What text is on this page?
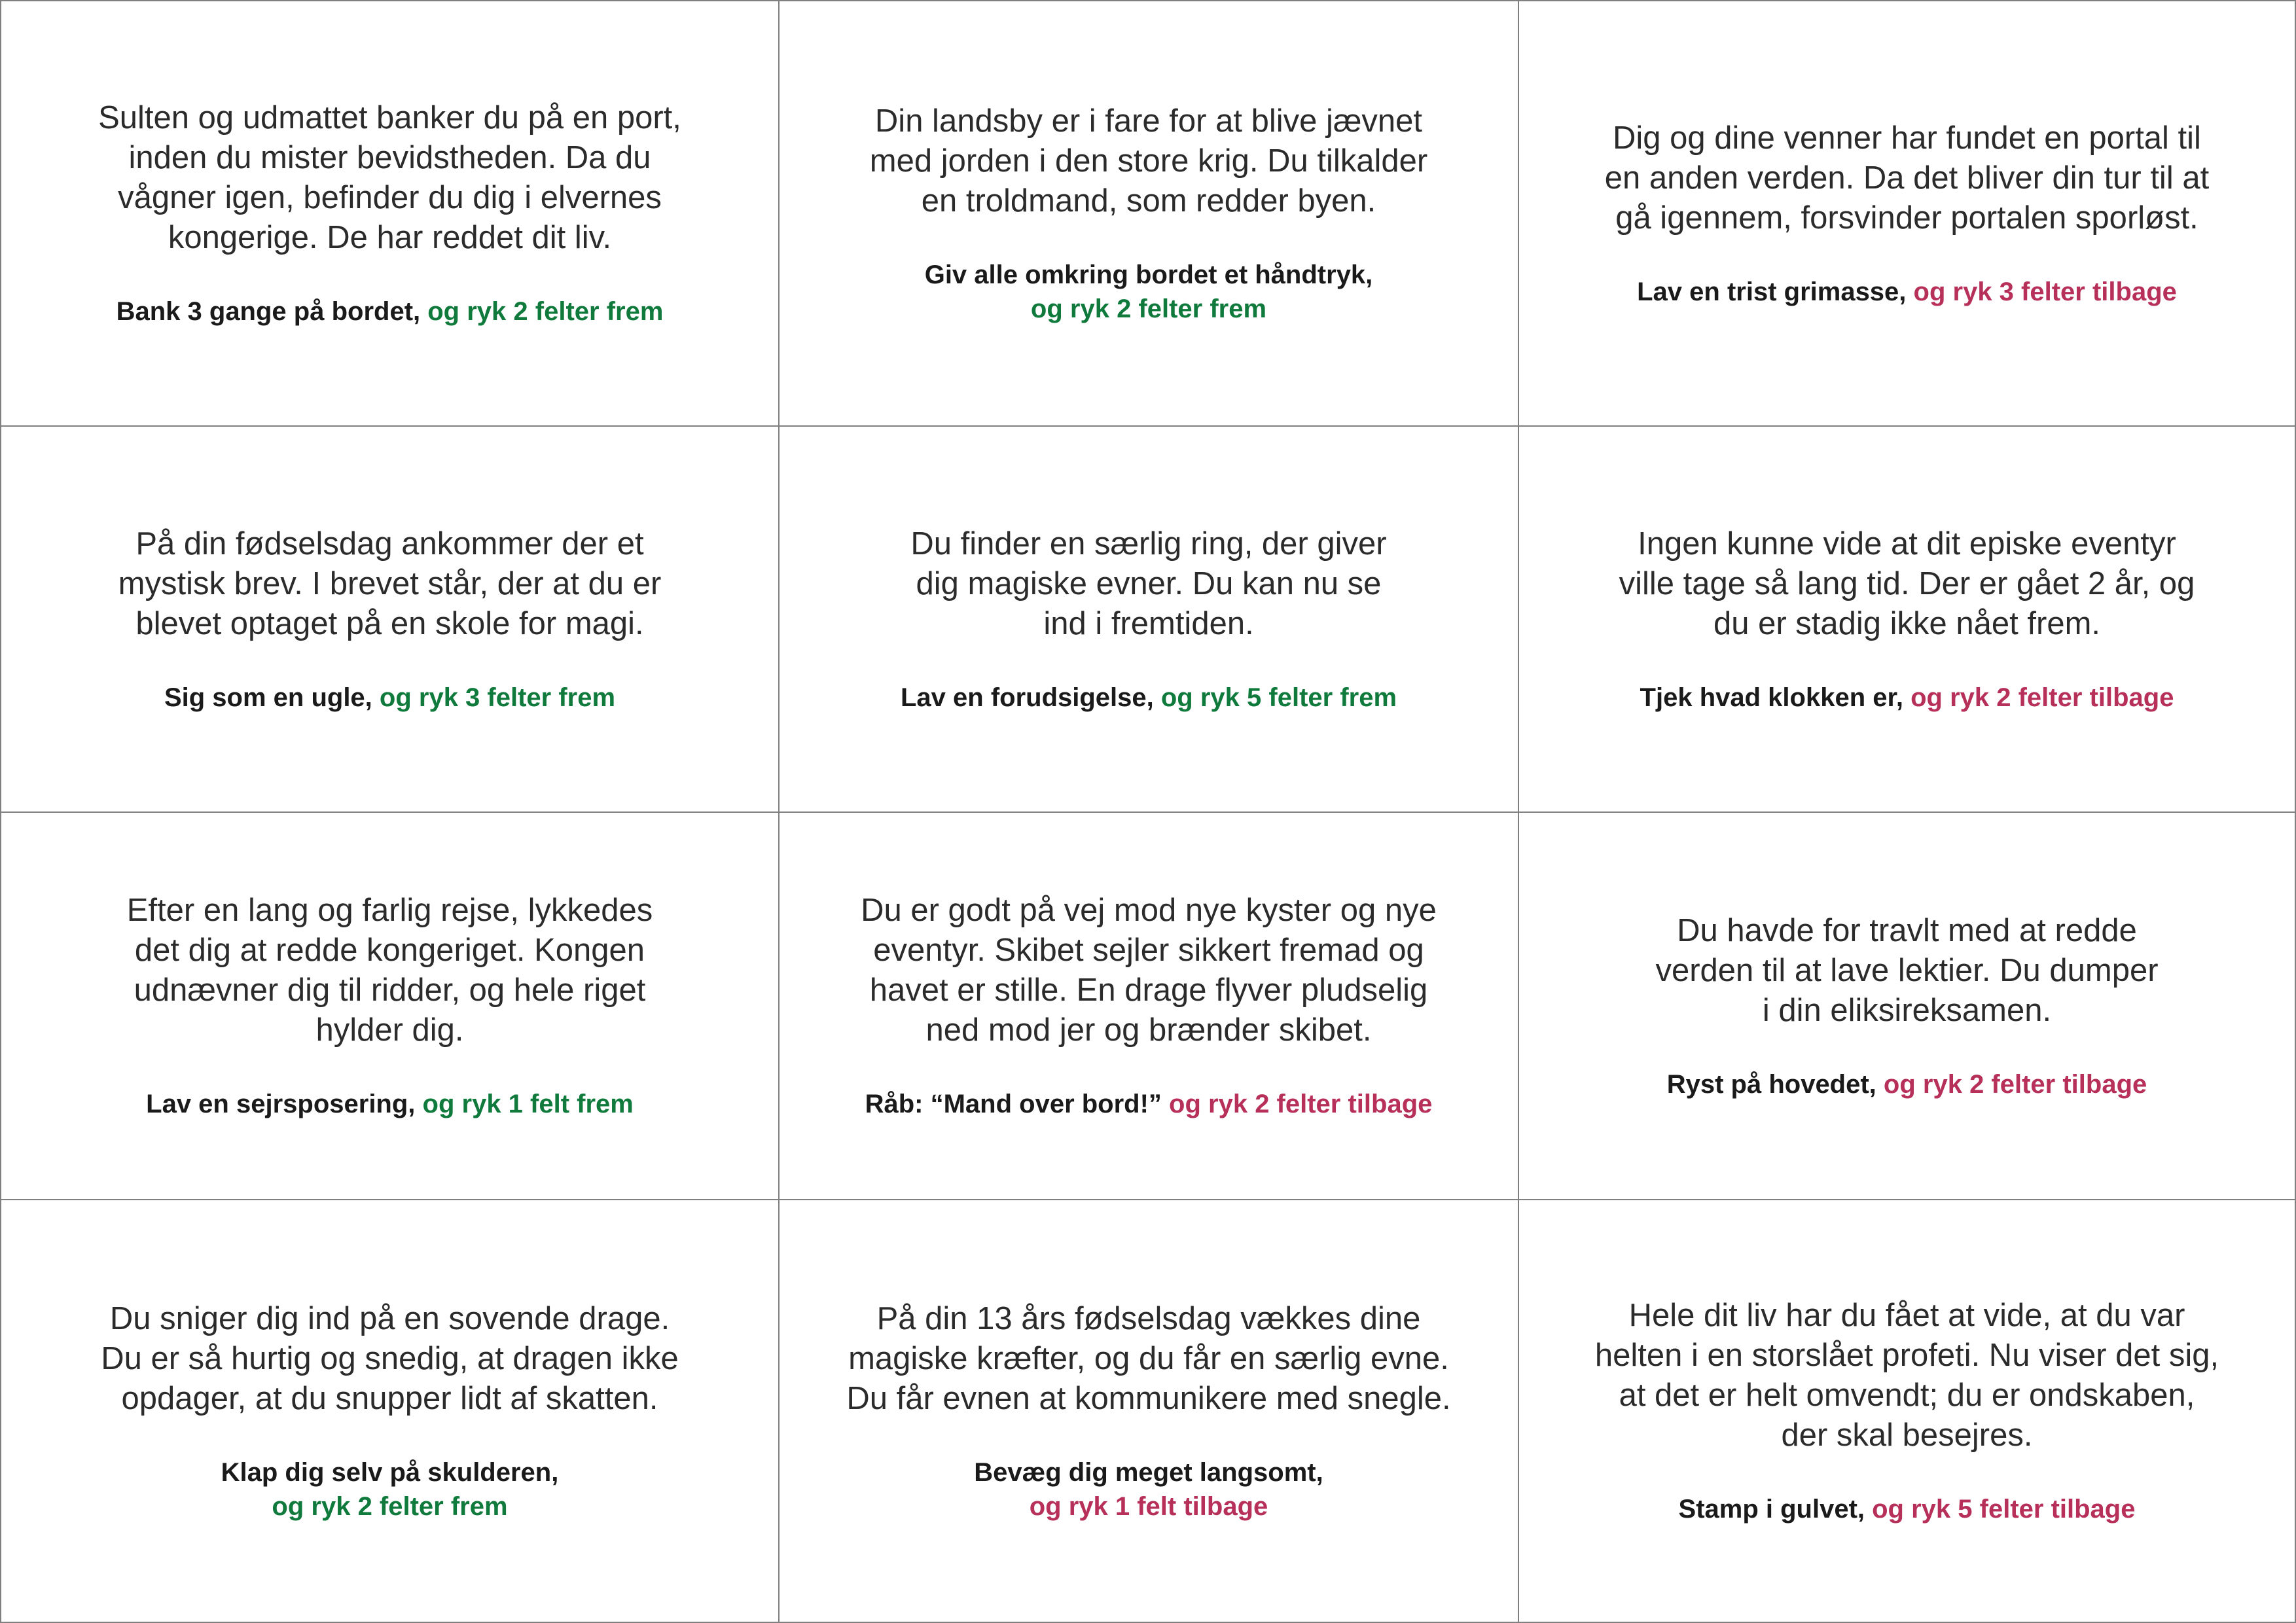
Sulten og udmattet banker du på en port,
inden du mister bevidstheden. Da du
vågner igen, befinder du dig i elvernes
kongerige. De har reddet dit liv.
Bank 3 gange på bordet, og ryk 2 felter frem
Din landsby er i fare for at blive jævnet
med jorden i den store krig. Du tilkalder
en troldmand, som redder byen.
Giv alle omkring bordet et håndtryk,
og ryk 2 felter frem
Dig og dine venner har fundet en portal til
en anden verden. Da det bliver din tur til at
gå igennem, forsvinder portalen sporløst.
Lav en trist grimasse, og ryk 3 felter tilbage
På din fødselsdag ankommer der et
mystisk brev. I brevet står, der at du er
blevet optaget på en skole for magi.
Sig som en ugle, og ryk 3 felter frem
Du finder en særlig ring, der giver
dig magiske evner. Du kan nu se
ind i fremtiden.
Lav en forudsigelse, og ryk 5 felter frem
Ingen kunne vide at dit episke eventyr
ville tage så lang tid. Der er gået 2 år, og
du er stadig ikke nået frem.
Tjek hvad klokken er, og ryk 2 felter tilbage
Efter en lang og farlig rejse, lykkedes
det dig at redde kongeriget. Kongen
udnævner dig til ridder, og hele riget
hylder dig.
Lav en sejrsposering, og ryk 1 felt frem
Du er godt på vej mod nye kyster og nye
eventyr. Skibet sejler sikkert fremad og
havet er stille. En drage flyver pludselig
ned mod jer og brænder skibet.
Råb: “Mand over bord!” og ryk 2 felter tilbage
Du havde for travlt med at redde
verden til at lave lektier. Du dumper
i din eliksireksamen.
Ryst på hovedet, og ryk 2 felter tilbage
Du sniger dig ind på en sovende drage.
Du er så hurtig og snedig, at dragen ikke
opdager, at du snupper lidt af skatten.
Klap dig selv på skulderen,
og ryk 2 felter frem
På din 13 års fødselsdag vækkes dine
magiske kræfter, og du får en særlig evne.
Du får evnen at kommunikere med snegle.
Bevæg dig meget langsomt,
og ryk 1 felt tilbage
Hele dit liv har du fået at vide, at du var
helten i en storslået profeti. Nu viser det sig,
at det er helt omvendt; du er ondskaben,
der skal besejres.
Stamp i gulvet, og ryk 5 felter tilbage
